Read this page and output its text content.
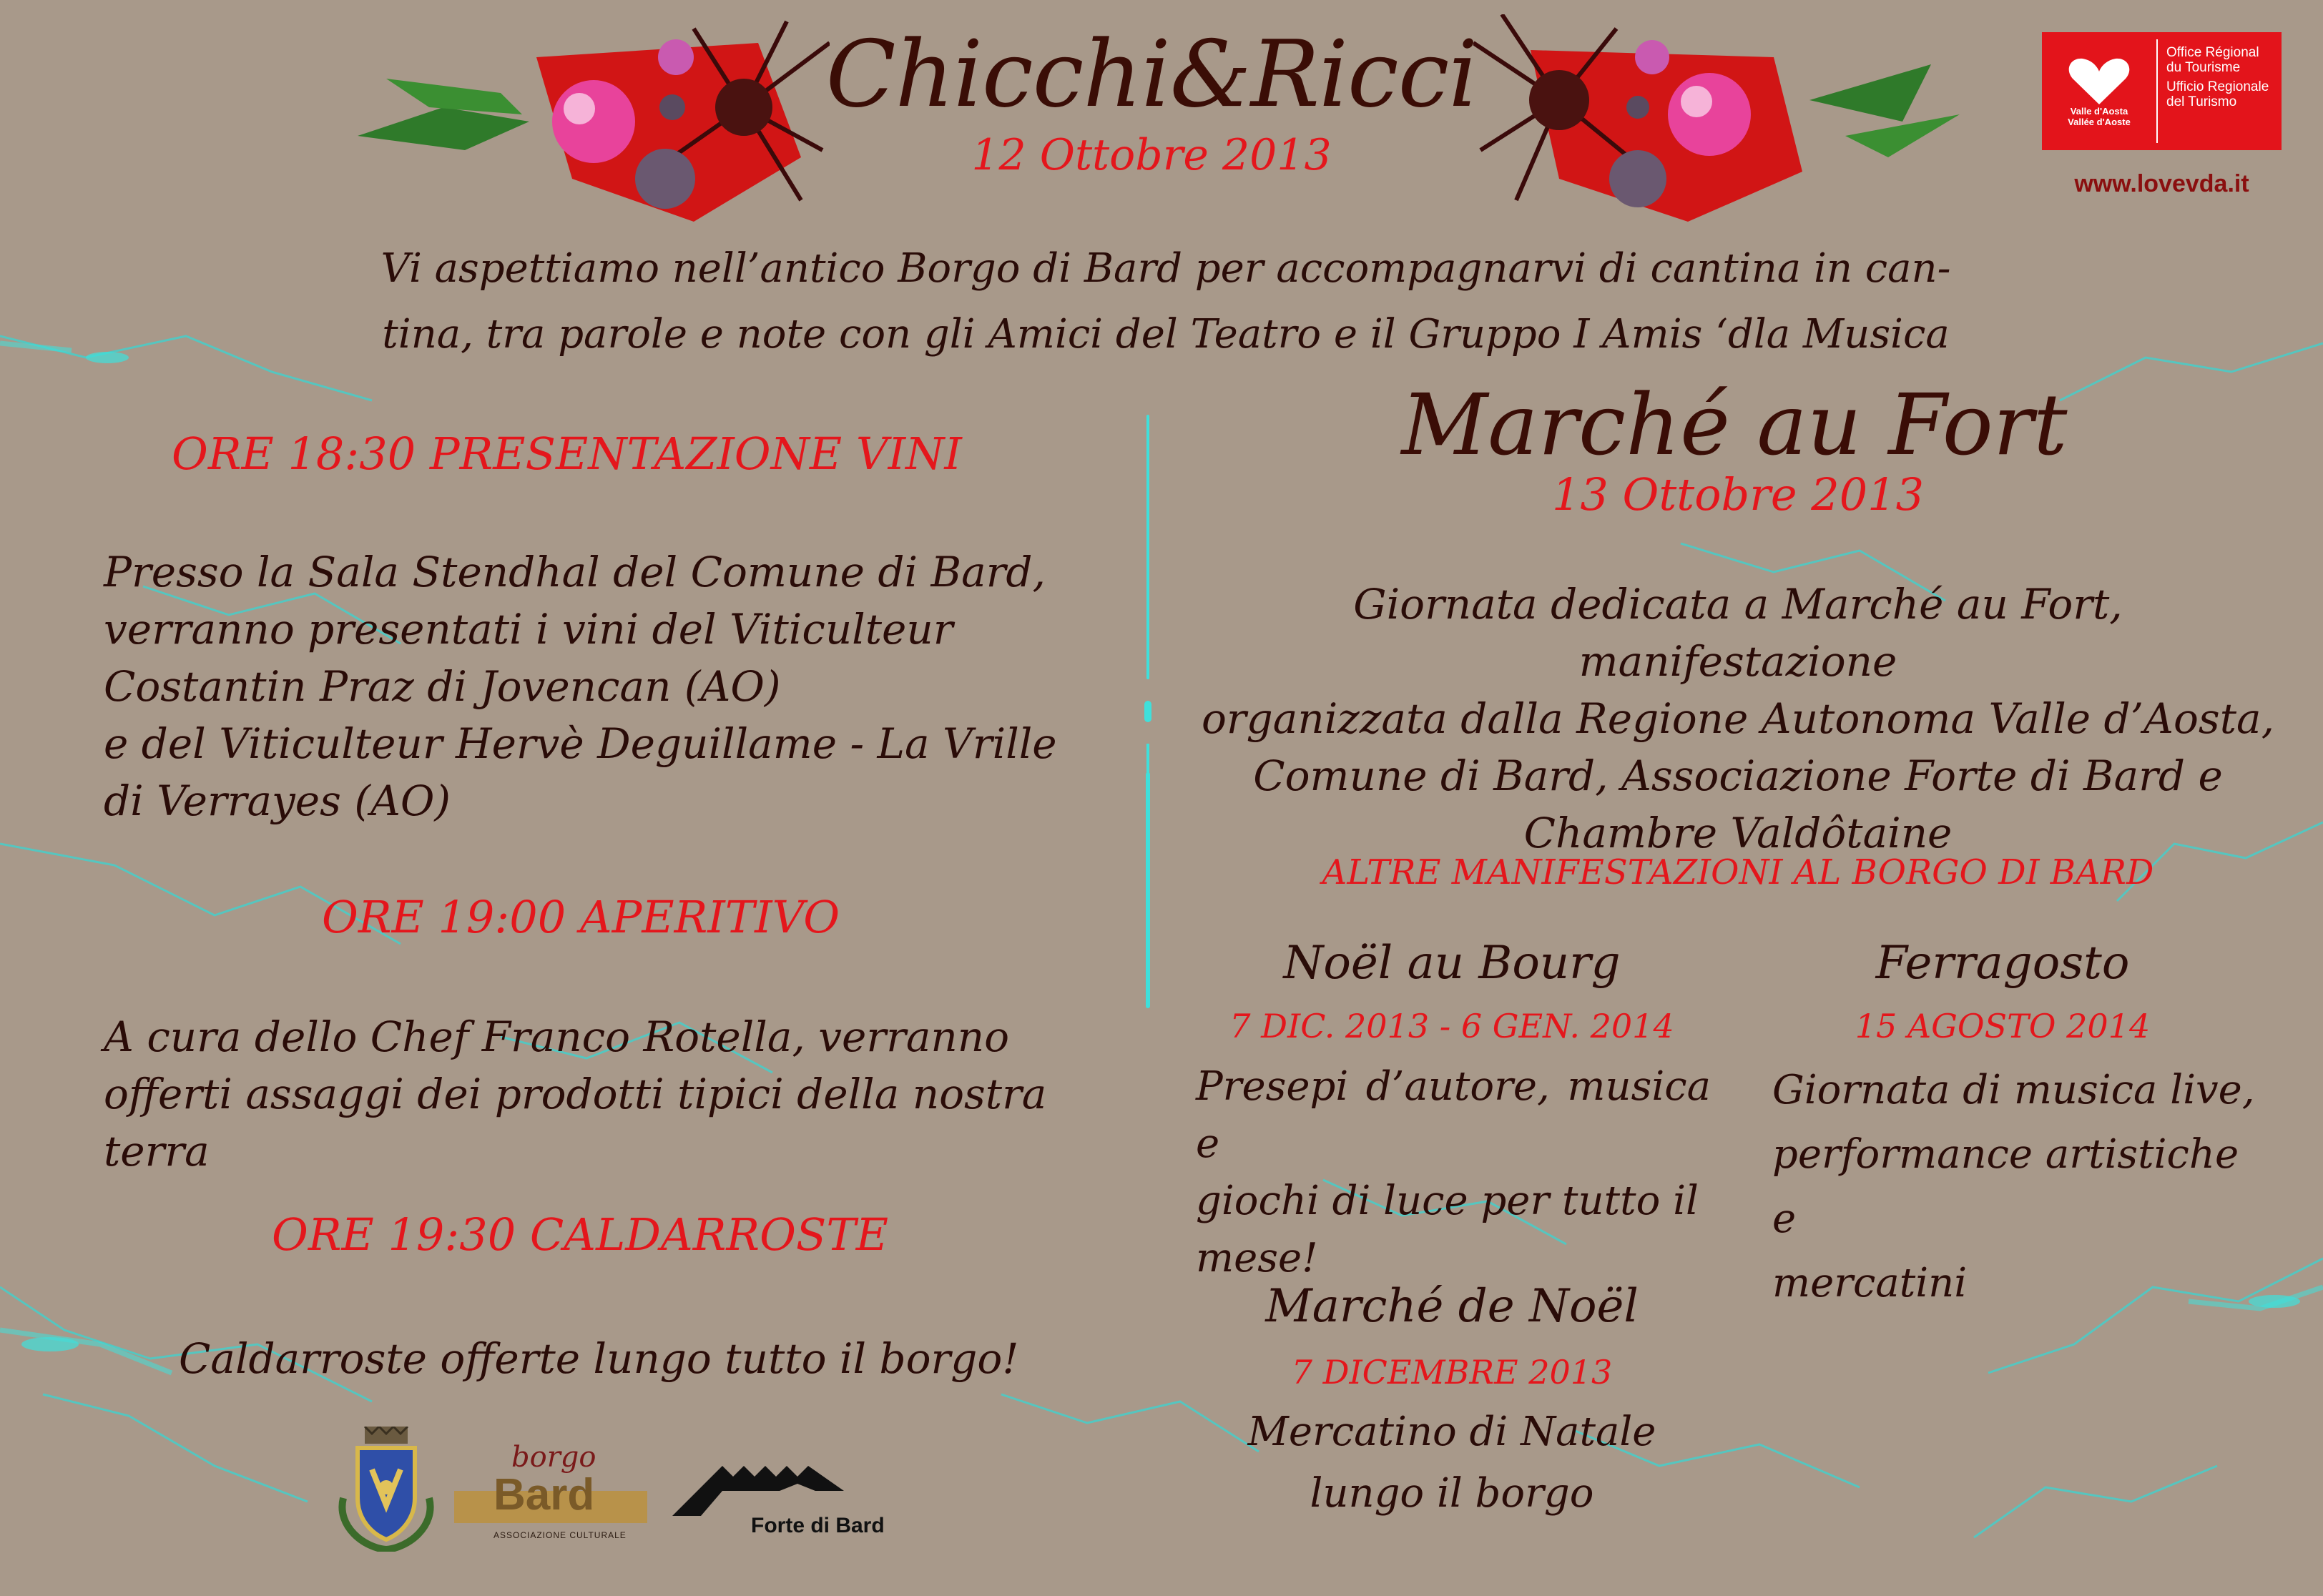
Chicchi&Ricci
12 Ottobre 2013
Vi aspettiamo nell’antico Borgo di Bard per accompagnarvi di cantina in can-
tina, tra parole e note con gli Amici del Teatro e il Gruppo I Amis ‘dla Musica
Valle d'Aosta
Vallée d'Aoste
Office Régional
du Tourisme
Ufficio Regionale
del Turismo
www.lovevda.it
ORE 18:30 PRESENTAZIONE VINI
Presso la Sala Stendhal del Comune di Bard,
verranno presentati i vini del Viticulteur
Costantin Praz di Jovencan (AO)
e del Viticulteur Hervè Deguillame - La Vrille
di Verrayes (AO)
ORE 19:00 APERITIVO
A cura dello Chef Franco Rotella, verranno
offerti assaggi dei prodotti tipici della nostra
terra
ORE 19:30 CALDARROSTE
Caldarroste offerte lungo tutto il borgo!
borgo
Bard
ASSOCIAZIONE CULTURALE	Forte di Bard
Marché au Fort
13 Ottobre 2013
Giornata dedicata a Marché au Fort, manifestazione
organizzata dalla Regione Autonoma Valle d’Aosta,
Comune di Bard, Associazione Forte di Bard e
Chambre Valdôtaine
ALTRE MANIFESTAZIONI AL BORGO DI BARD
Noël au Bourg
7 DIC. 2013 - 6 GEN. 2014
Presepi d’autore, musica e
giochi di luce per tutto il
mese!
Ferragosto
15 AGOSTO 2014
Giornata di musica live,
performance artistiche e
mercatini
Marché de Noël
7 DICEMBRE 2013
Mercatino di Natale
lungo il borgo
